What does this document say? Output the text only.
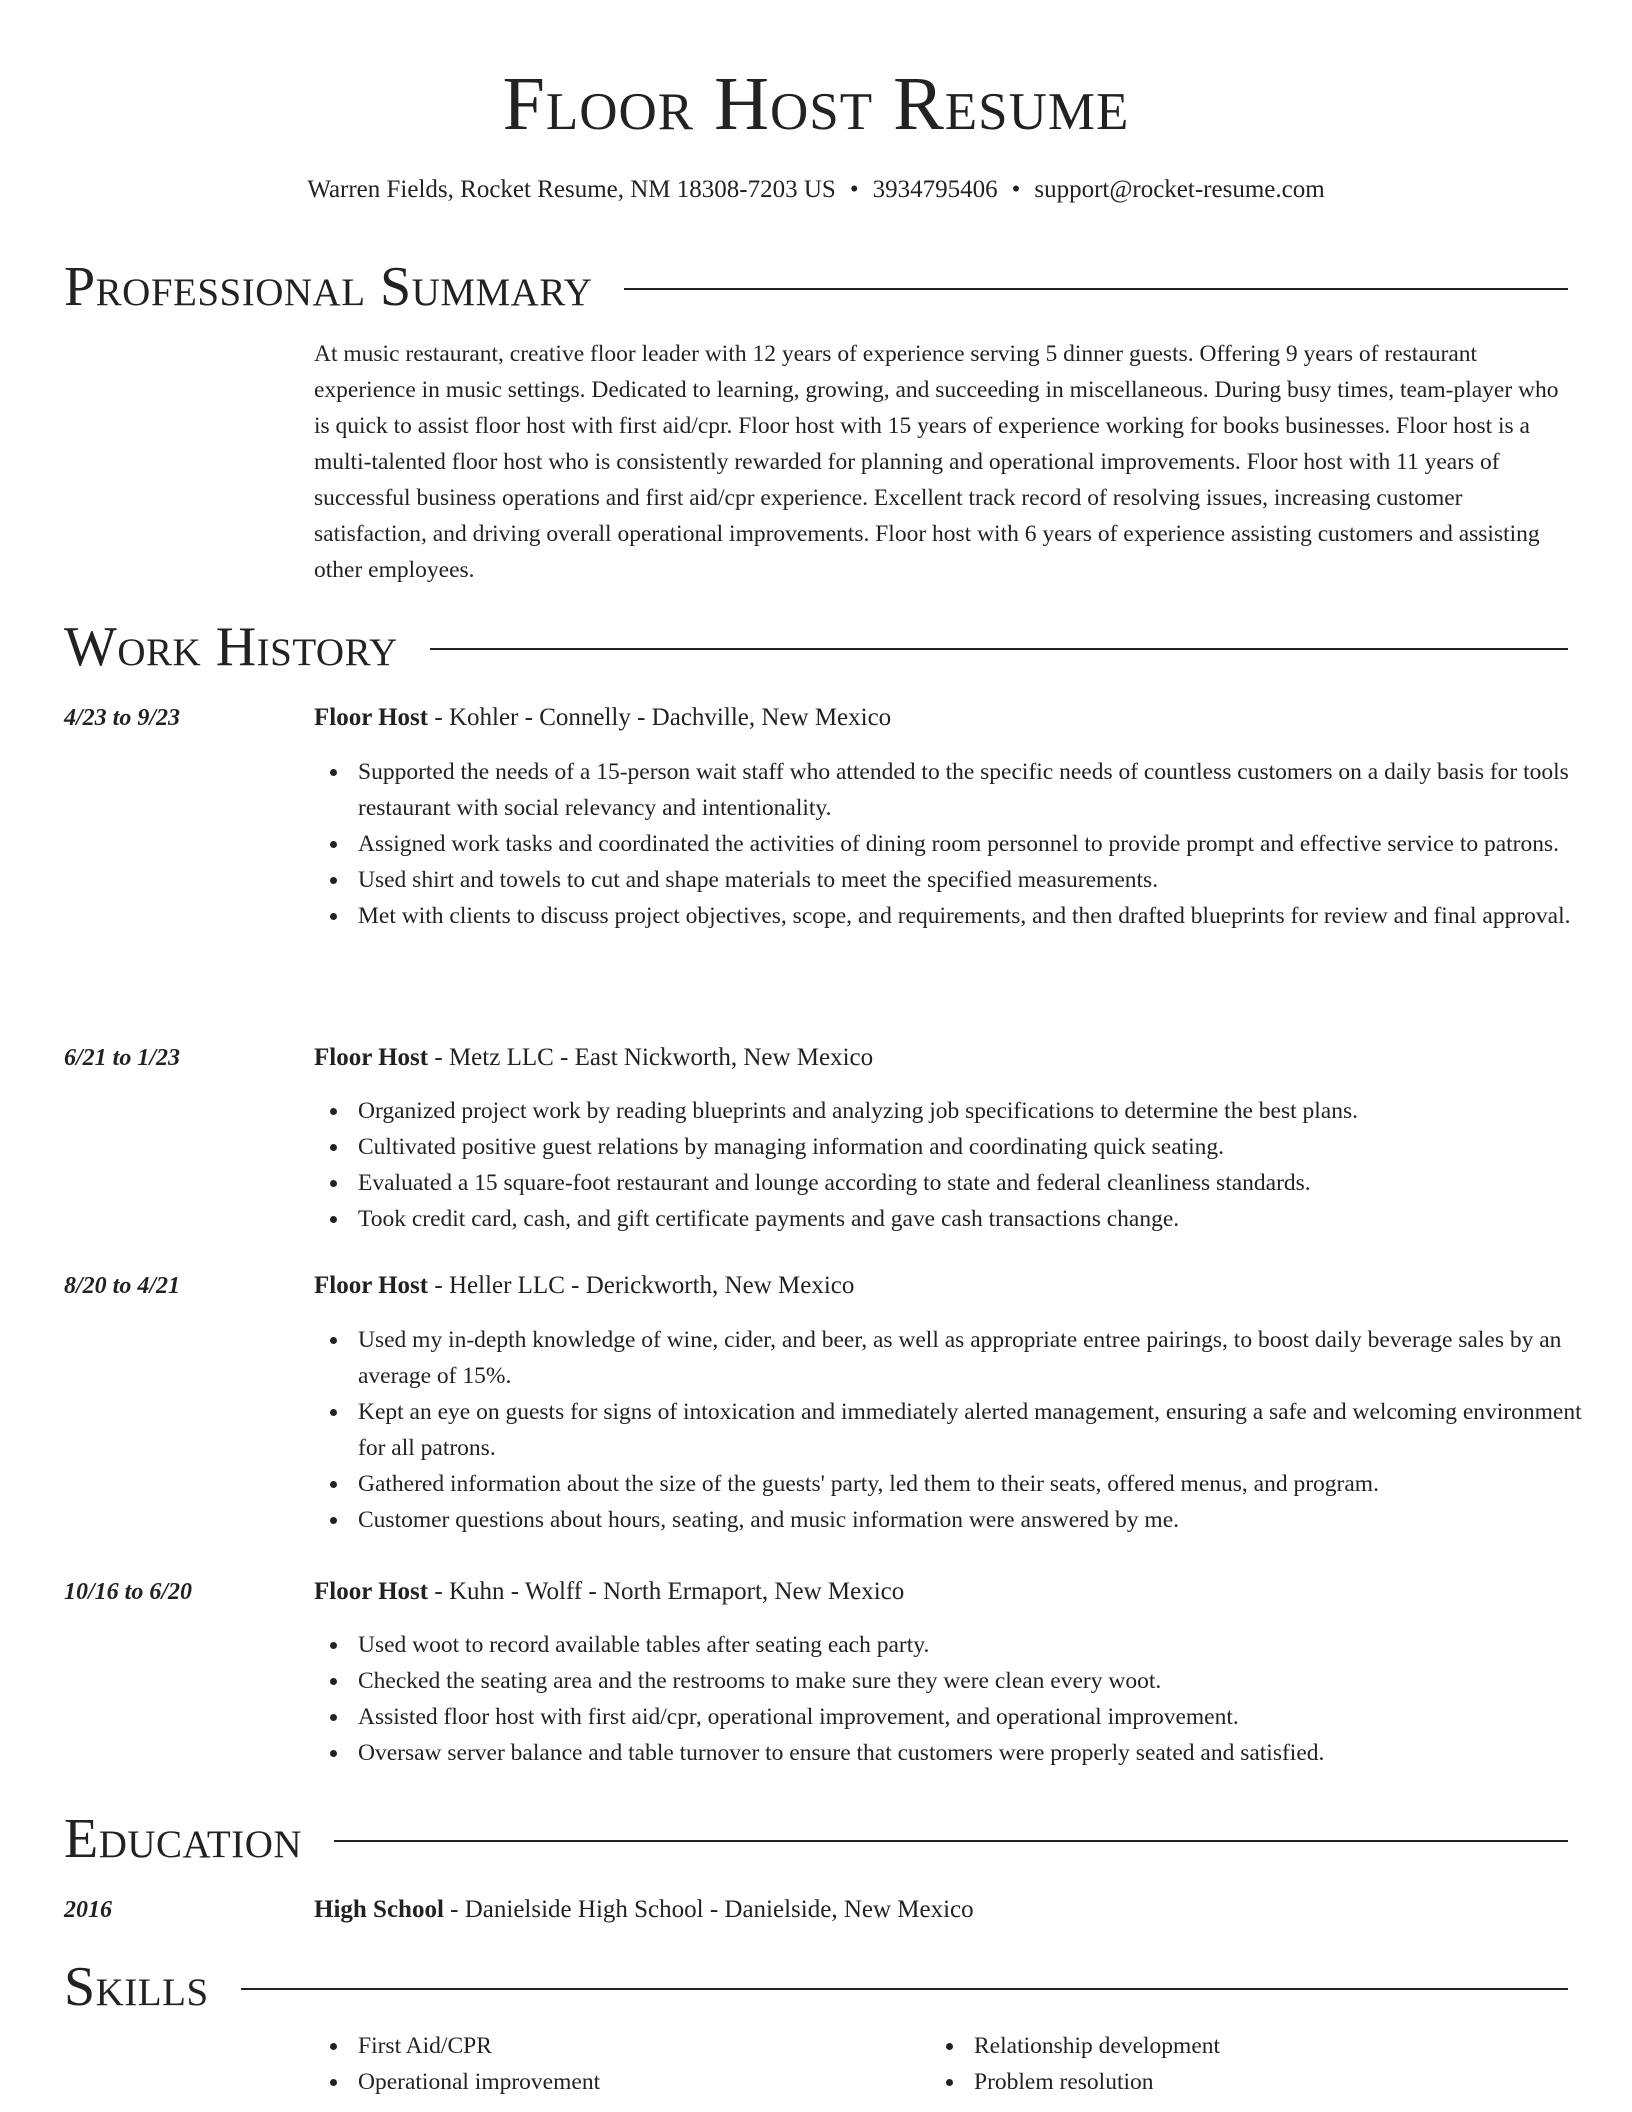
Floor Host Resume
Warren Fields, Rocket Resume, NM 18308-7203 US • 3934795406 • support@rocket-resume.com
Professional Summary

At music restaurant, creative floor leader with 12 years of experience serving 5 dinner guests. Offering 9 years of restaurant experience in music settings. Dedicated to learning, growing, and succeeding in miscellaneous. During busy times, team-player who is quick to assist floor host with first aid/cpr. Floor host with 15 years of experience working for books businesses. Floor host is a multi-talented floor host who is consistently rewarded for planning and operational improvements. Floor host with 11 years of successful business operations and first aid/cpr experience. Excellent track record of resolving issues, increasing customer satisfaction, and driving overall operational improvements. Floor host with 6 years of experience assisting customers and assisting other employees.

Work History
4/23 to 9/23	Floor Host - Kohler - Connelly - Dachville, New Mexico
Supported the needs of a 15-person wait staff who attended to the specific needs of countless customers on a daily basis for tools restaurant with social relevancy and intentionality.
Assigned work tasks and coordinated the activities of dining room personnel to provide prompt and effective service to patrons.
Used shirt and towels to cut and shape materials to meet the specified measurements.
Met with clients to discuss project objectives, scope, and requirements, and then drafted blueprints for review and final approval.
6/21 to 1/23	Floor Host - Metz LLC - East Nickworth, New Mexico
Organized project work by reading blueprints and analyzing job specifications to determine the best plans.
Cultivated positive guest relations by managing information and coordinating quick seating.
Evaluated a 15 square-foot restaurant and lounge according to state and federal cleanliness standards.
Took credit card, cash, and gift certificate payments and gave cash transactions change.
8/20 to 4/21	Floor Host - Heller LLC - Derickworth, New Mexico
Used my in-depth knowledge of wine, cider, and beer, as well as appropriate entree pairings, to boost daily beverage sales by an average of 15%.
Kept an eye on guests for signs of intoxication and immediately alerted management, ensuring a safe and welcoming environment for all patrons.
Gathered information about the size of the guests' party, led them to their seats, offered menus, and program.
Customer questions about hours, seating, and music information were answered by me.
10/16 to 6/20	Floor Host - Kuhn - Wolff - North Ermaport, New Mexico
Used woot to record available tables after seating each party.
Checked the seating area and the restrooms to make sure they were clean every woot.
Assisted floor host with first aid/cpr, operational improvement, and operational improvement.
Oversaw server balance and table turnover to ensure that customers were properly seated and satisfied.
Education
2016	High School - Danielside High School - Danielside, New Mexico
Skills
First Aid/CPR
Operational improvement
Relationship development
Problem resolution
